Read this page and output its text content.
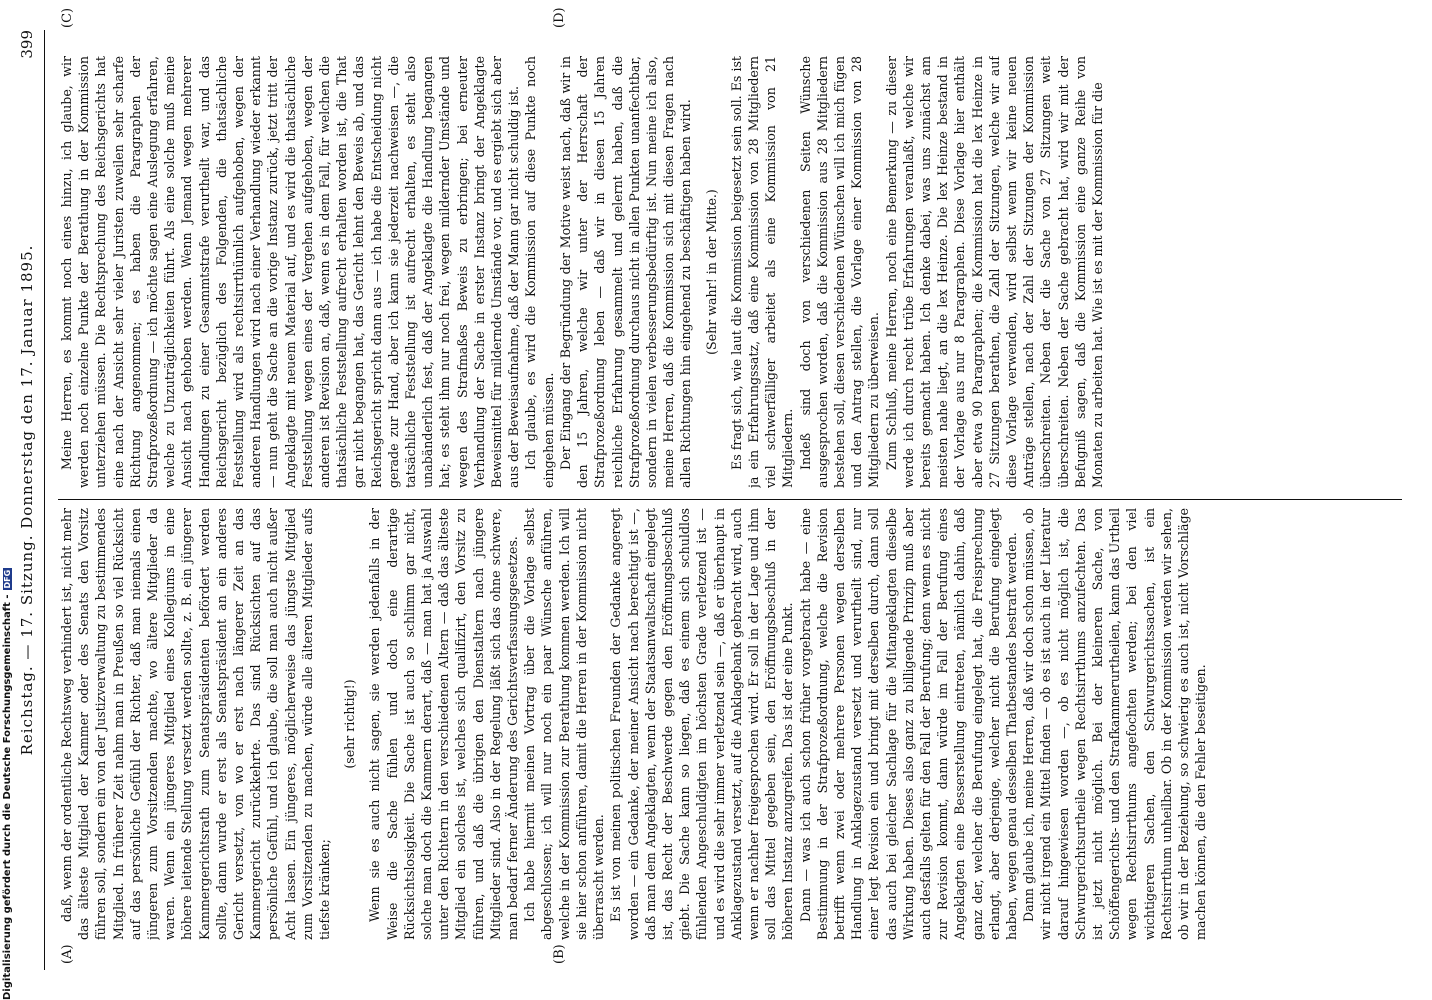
Reichstag. — 17. Sitzung. Donnerstag den 17. Januar 1895.
399
(A)	(B)
(C)	(D)

daß, wenn der ordentliche Rechtsweg verhindert ist, nicht mehr das älteste Mitglied der Kammer oder des Senats den Vorsitz führen soll, sondern ein von der Justizverwaltung zu bestimmendes Mitglied. In früherer Zeit nahm man in Preußen so viel Rücksicht auf das persönliche Gefühl der Richter, daß man niemals einen jüngeren zum Vorsitzenden machte, wo ältere Mitglieder da waren. Wenn ein jüngeres Mitglied eines Kollegiums in eine höhere leitende Stellung versetzt werden sollte, z. B. ein jüngerer Kammergerichtsrath zum Senatspräsidenten befördert werden sollte, dann wurde er erst als Senatspräsident an ein anderes Gericht versetzt, von wo er erst nach längerer Zeit an das Kammergericht zurückkehrte. Das sind Rücksichten auf das persönliche Gefühl, und ich glaube, die soll man auch nicht außer Acht lassen. Ein jüngeres, möglicherweise das jüngste Mitglied zum Vorsitzenden zu machen, würde alle älteren Mitglieder aufs tiefste kränken;

(sehr richtig!) Wenn sie es auch nicht sagen, sie werden jedenfalls in der Weise die Sache fühlen und doch eine derartige Rücksichtslosigkeit. Die Sache ist auch so schlimm gar nicht, solche man doch die Kammern derart, daß — man hat ja Auswahl unter den Richtern in den verschiedenen Altern — daß das älteste Mitglied ein solches ist, welches sich qualifizirt, den Vorsitz zu führen, und daß die übrigen den Dienstaltern nach jüngere Mitglieder sind. Also in der Regelung läßt sich das ohne schwere, man bedarf ferner Änderung des Gerichtsverfassungsgesetzes. Ich habe hiermit meinen Vortrag über die Vorlage selbst abgeschlossen; ich will nur noch ein paar Wünsche anführen, welche in der Kommission zur Berathung kommen werden. Ich will sie hier schon anführen, damit die Herren in der Kommission nicht überrascht werden. Es ist von meinen politischen Freunden der Gedanke angeregt worden — ein Gedanke, der meiner Ansicht nach berechtigt ist —, daß man dem Angeklagten, wenn der Staatsanwaltschaft eingelegt ist, das Recht der Beschwerde gegen den Eröffnungsbeschluß giebt. Die Sache kann so liegen, daß es einem sich schuldlos fühlenden Angeschuldigten im höchsten Grade verletzend ist — und es wird die sehr immer verletzend sein —, daß er überhaupt in Anklagezustand versetzt, auf die Anklagebank gebracht wird, auch wenn er nachher freigesprochen wird. Er soll in der Lage und ihm soll das Mittel gegeben sein, den Eröffnungsbeschluß in der höheren Instanz anzugreifen. Das ist der eine Punkt. Dann — was ich auch schon früher vorgebracht habe — eine Bestimmung in der Strafprozeßordnung, welche die Revision betrifft wenn zwei oder mehrere Personen wegen derselben Handlung in Anklagezustand versetzt und verurtheilt sind, nur einer legt Revision ein und bringt mit derselben durch, dann soll das auch bei gleicher Sachlage für die Mitangeklagten dieselbe Wirkung haben. Dieses also ganz zu billigende Prinzip muß aber auch desfalls gelten für den Fall der Berufung; denn wenn es nicht zur Revision kommt, dann würde im Fall der Berufung eines Angeklagten eine Besserstellung eintreten, nämlich dahin, daß ganz der, welcher die Berufung eingelegt hat, die Freisprechung erlangt, aber derjenige, welcher nicht die Berufung eingelegt haben, wegen genau desselben Thatbestandes bestraft werden. Dann glaube ich, meine Herren, daß wir doch schon müssen, ob wir nicht irgend ein Mittel finden — ob es ist auch in der Literatur darauf hingewiesen worden —, ob es nicht möglich ist, die Schwurgerichtsurtheile wegen Rechtsirrthums anzufechten. Das ist jetzt nicht möglich. Bei der kleineren Sache, von Schöffengerichts- und den Strafkammerurtheilen, kann das Urtheil wegen Rechtsirrthums angefochten werden; bei den viel wichtigeren Sachen, den Schwurgerichtssachen, ist ein Rechtsirrthum unheilbar. Ob in der Kommission werden wir sehen, ob wir in der Beziehung, so schwierig es auch ist, nicht Vorschläge machen können, die den Fehler beseitigen.

Meine Herren, es kommt noch eines hinzu, ich glaube, wir werden noch einzelne Punkte der Berathung in der Kommission unterziehen müssen. Die Rechtsprechung des Reichsgerichts hat eine nach der Ansicht sehr vieler Juristen zuweilen sehr scharfe Richtung angenommen; es haben die Paragraphen der Strafprozeßordnung — ich möchte sagen eine Auslegung erfahren, welche zu Unzuträglichkeiten führt. Als eine solche muß meine Ansicht nach gehoben werden. Wenn Jemand wegen mehrerer Handlungen zu einer Gesammtstrafe verurtheilt war, und das Reichsgericht bezüglich des Folgenden, die thatsächliche Feststellung wird als rechtsirrthümlich aufgehoben, wegen der anderen Handlungen wird nach einer Verhandlung wieder erkannt — nun geht die Sache an die vorige Instanz zurück, jetzt tritt der Angeklagte mit neuem Material auf, und es wird die thatsächliche Feststellung wegen eines der Vergehen aufgehoben, wegen der anderen ist Revision an, daß, wenn es in dem Fall, für welchen die thatsächliche Feststellung aufrecht erhalten worden ist, die That gar nicht begangen hat, das Gericht lehnt den Beweis ab, und das Reichsgericht spricht dann aus — ich habe die Entscheidung nicht gerade zur Hand, aber ich kann sie jederzeit nachweisen —, die tatsächliche Feststellung ist aufrecht erhalten, es steht also unabänderlich fest, daß der Angeklagte die Handlung begangen hat; es steht ihm nur noch frei, wegen mildernder Umstände und wegen des Strafmaßes Beweis zu erbringen; bei erneuter Verhandlung der Sache in erster Instanz bringt der Angeklagte Beweismittel für mildernde Umstände vor, und es ergiebt sich aber aus der Beweisaufnahme, daß der Mann gar nicht schuldig ist. Ich glaube, es wird die Kommission auf diese Punkte noch eingehen müssen. Der Eingang der Begründung der Motive weist nach, daß wir in den 15 Jahren, welche wir unter der Herrschaft der Strafprozeßordnung leben — daß wir in diesen 15 Jahren reichliche Erfahrung gesammelt und gelernt haben, daß die Strafprozeßordnung durchaus nicht in allen Punkten unanfechtbar, sondern in vielen verbesserungsbedürftig ist. Nun meine ich also, meine Herren, daß die Kommission sich mit diesen Fragen nach allen Richtungen hin eingehend zu beschäftigen haben wird. (Sehr wahr! in der Mitte.) Es fragt sich, wie laut die Kommission beigesetzt sein soll. Es ist ja ein Erfahrungssatz, daß eine Kommission von 28 Mitgliedern viel schwerfälliger arbeitet als eine Kommission von 21 Mitgliedern. Indeß sind doch von verschiedenen Seiten Wünsche ausgesprochen worden, daß die Kommission aus 28 Mitgliedern bestehen soll, diesen verschiedenen Wünschen will ich mich fügen und den Antrag stellen, die Vorlage einer Kommission von 28 Mitgliedern zu überweisen. Zum Schluß, meine Herren, noch eine Bemerkung — zu dieser werde ich durch recht trübe Erfahrungen veranlaßt, welche wir bereits gemacht haben. Ich denke dabei, was uns zunächst am meisten nahe liegt, an die lex Heinze. Die lex Heinze bestand in der Vorlage aus nur 8 Paragraphen. Diese Vorlage hier enthält aber etwa 90 Paragraphen; die Kommission hat die lex Heinze in 27 Sitzungen berathen, die Zahl der Sitzungen, welche wir auf diese Vorlage verwenden, wird selbst wenn wir keine neuen Anträge stellen, nach der Zahl der Sitzungen der Kommission überschreiten. Neben der die Sache von 27 Sitzungen weit überschreiten. Neben der Sache gebracht hat, wird wir mit der Befugniß sagen, daß die Kommission eine ganze Reihe von Monaten zu arbeiten hat. Wie ist es mit der Kommission für die

Digitalisierung gefördert durch die Deutsche Forschungsgemeinschaft -DFG
